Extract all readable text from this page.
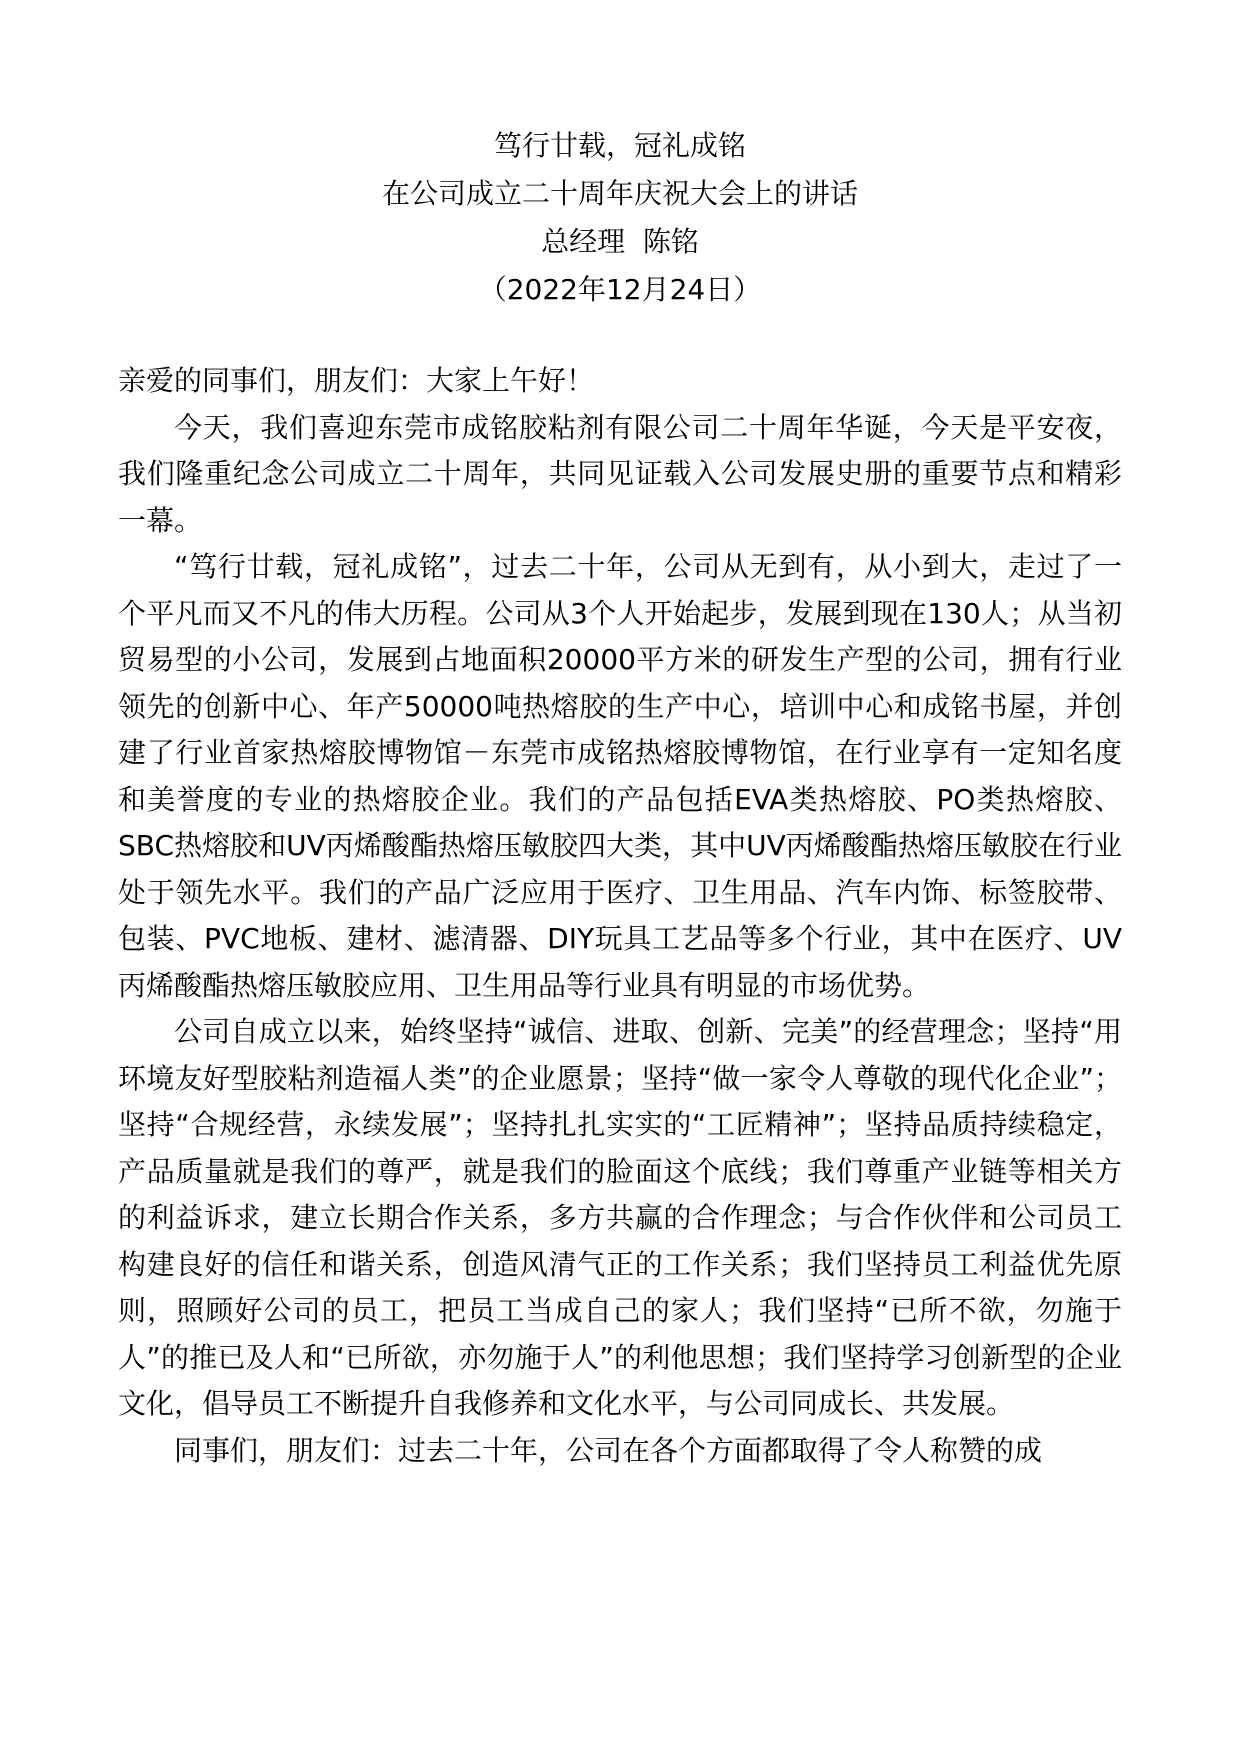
笃行廿载，冠礼成铭
在公司成立二十周年庆祝大会上的讲话
总经理  陈铭
（2022年12月24日）

亲爱的同事们，朋友们：大家上午好！

今天，我们喜迎东莞市成铭胶粘剂有限公司二十周年华诞，今天是平安夜，我们隆重纪念公司成立二十周年，共同见证载入公司发展史册的重要节点和精彩一幕。

“笃行廿载，冠礼成铭”，过去二十年，公司从无到有，从小到大，走过了一个平凡而又不凡的伟大历程。公司从3个人开始起步，发展到现在130人；从当初贸易型的小公司，发展到占地面积20000平方米的研发生产型的公司，拥有行业领先的创新中心、年产50000吨热熔胶的生产中心，培训中心和成铭书屋，并创建了行业首家热熔胶博物馆－东莞市成铭热熔胶博物馆，在行业享有一定知名度和美誉度的专业的热熔胶企业。我们的产品包括EVA类热熔胶、PO类热熔胶、SBC热熔胶和UV丙烯酸酯热熔压敏胶四大类，其中UV丙烯酸酯热熔压敏胶在行业处于领先水平。我们的产品广泛应用于医疗、卫生用品、汽车内饰、标签胶带、包装、PVC地板、建材、滤清器、DIY玩具工艺品等多个行业，其中在医疗、UV丙烯酸酯热熔压敏胶应用、卫生用品等行业具有明显的市场优势。

公司自成立以来，始终坚持“诚信、进取、创新、完美”的经营理念；坚持“用环境友好型胶粘剂造福人类”的企业愿景；坚持“做一家令人尊敬的现代化企业”；坚持“合规经营，永续发展”；坚持扎扎实实的“工匠精神”；坚持品质持续稳定，产品质量就是我们的尊严，就是我们的脸面这个底线；我们尊重产业链等相关方的利益诉求，建立长期合作关系，多方共赢的合作理念；与合作伙伴和公司员工构建良好的信任和谐关系，创造风清气正的工作关系；我们坚持员工利益优先原则，照顾好公司的员工，把员工当成自己的家人；我们坚持“已所不欲，勿施于人”的推已及人和“已所欲，亦勿施于人”的利他思想；我们坚持学习创新型的企业文化，倡导员工不断提升自我修养和文化水平，与公司同成长、共发展。

同事们，朋友们：过去二十年，公司在各个方面都取得了令人称赞的成
